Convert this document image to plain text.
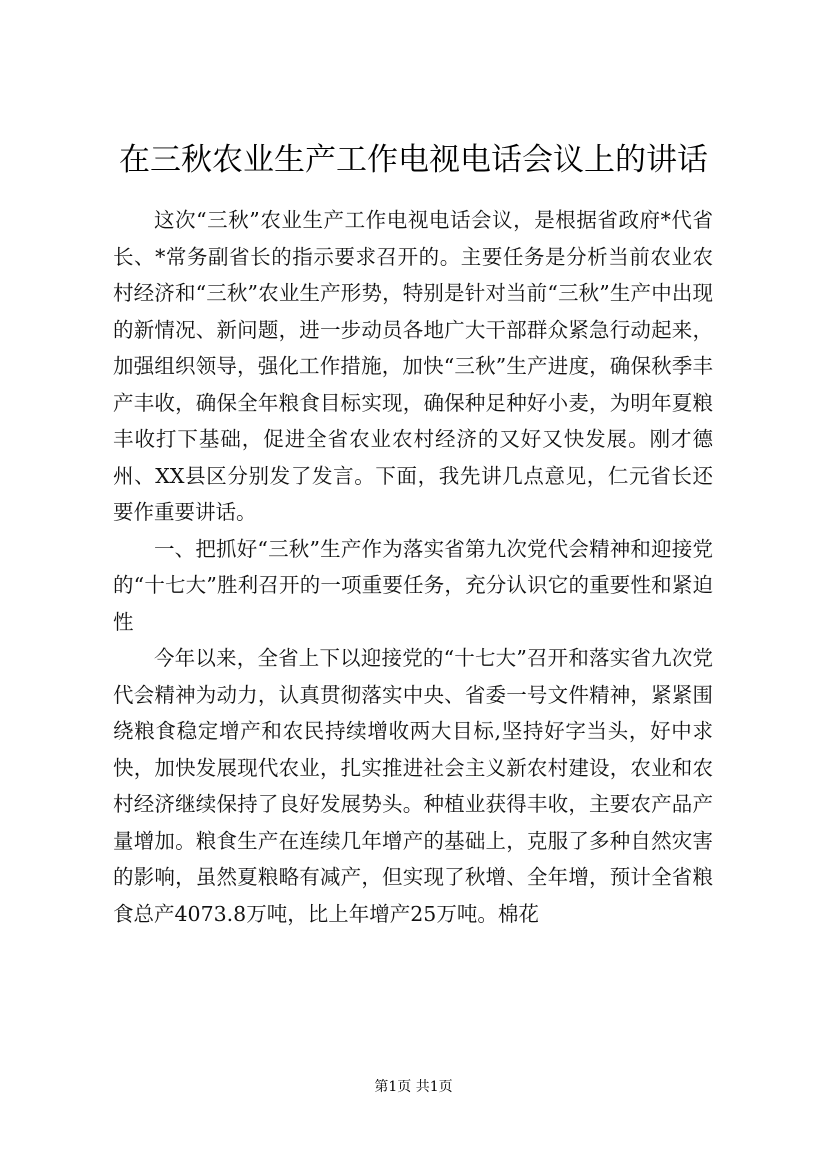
在三秋农业生产工作电视电话会议上的讲话

这次“三秋”农业生产工作电视电话会议，是根据省政府*代省长、*常务副省长的指示要求召开的。主要任务是分析当前农业农村经济和“三秋”农业生产形势，特别是针对当前“三秋”生产中出现的新情况、新问题，进一步动员各地广大干部群众紧急行动起来，加强组织领导，强化工作措施，加快“三秋”生产进度，确保秋季丰产丰收，确保全年粮食目标实现，确保种足种好小麦，为明年夏粮丰收打下基础，促进全省农业农村经济的又好又快发展。刚才德州、XX县区分别发了发言。下面，我先讲几点意见，仁元省长还要作重要讲话。

一、把抓好“三秋”生产作为落实省第九次党代会精神和迎接党的“十七大”胜利召开的一项重要任务，充分认识它的重要性和紧迫性

今年以来，全省上下以迎接党的“十七大”召开和落实省九次党代会精神为动力，认真贯彻落实中央、省委一号文件精神，紧紧围绕粮食稳定增产和农民持续增收两大目标,坚持好字当头，好中求快，加快发展现代农业，扎实推进社会主义新农村建设，农业和农村经济继续保持了良好发展势头。种植业获得丰收，主要农产品产量增加。粮食生产在连续几年增产的基础上，克服了多种自然灾害的影响，虽然夏粮略有减产，但实现了秋增、全年增，预计全省粮食总产4073.8万吨，比上年增产25万吨。棉花

第1页 共1页
